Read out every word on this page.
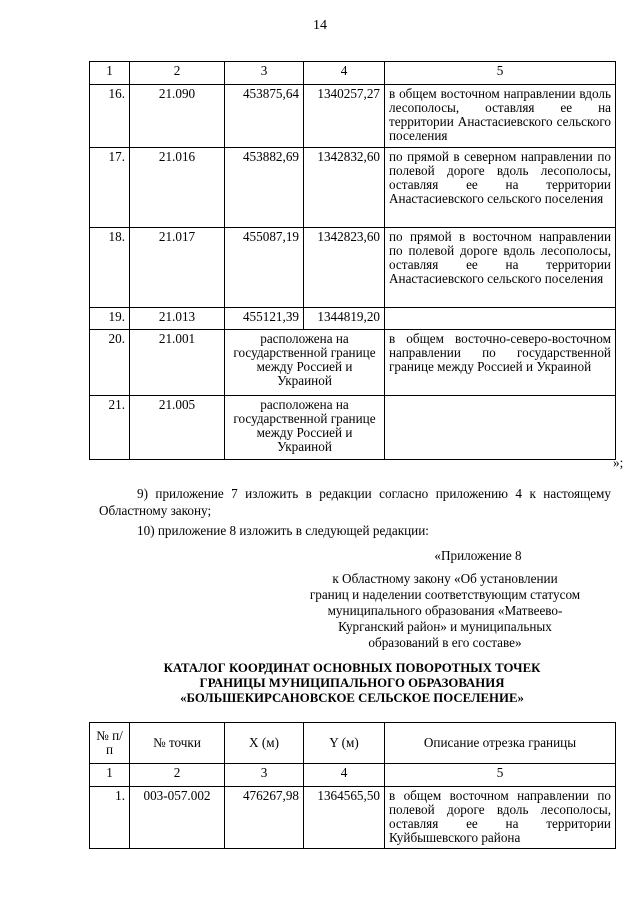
14
1	2	3	4	5
16.	21.090	453875,64	1340257,27	в общем восточном направлении вдоль лесополосы, оставляя ее на территории Анастасиевского сельского поселения
17.	21.016	453882,69	1342832,60	по прямой в северном направлении по полевой дороге вдоль лесополосы, оставляя ее на территории Анастасиевского сельского поселения
18.	21.017	455087,19	1342823,60	по прямой в восточном направлении по полевой дороге вдоль лесополосы, оставляя ее на территории Анастасиевского сельского поселения
19.	21.013	455121,39	1344819,20	
20.	21.001	расположена на государственной границе между Россией и Украиной		в общем восточно-северо-восточном направлении по государственной границе между Россией и Украиной
21.	21.005	расположена на государственной границе между Россией и Украиной		
»;
9) приложение 7 изложить в редакции согласно приложению 4 к настоящему Областному закону;
10) приложение 8 изложить в следующей редакции:
«Приложение 8
к Областному закону «Об установлении
границ и наделении соответствующим статусом
муниципального образования «Матвеево-
Курганский район» и муниципальных
образований в его составе»
КАТАЛОГ КООРДИНАТ ОСНОВНЫХ ПОВОРОТНЫХ ТОЧЕК
ГРАНИЦЫ МУНИЦИПАЛЬНОГО ОБРАЗОВАНИЯ
«БОЛЬШЕКИРСАНОВСКОЕ СЕЛЬСКОЕ ПОСЕЛЕНИЕ»
№ п/п	№ точки	X (м)	Y (м)	Описание отрезка границы
1	2	3	4	5
1.	003-057.002	476267,98	1364565,50	в общем восточном направлении по полевой дороге вдоль лесополосы, оставляя ее на территории Куйбышевского района
